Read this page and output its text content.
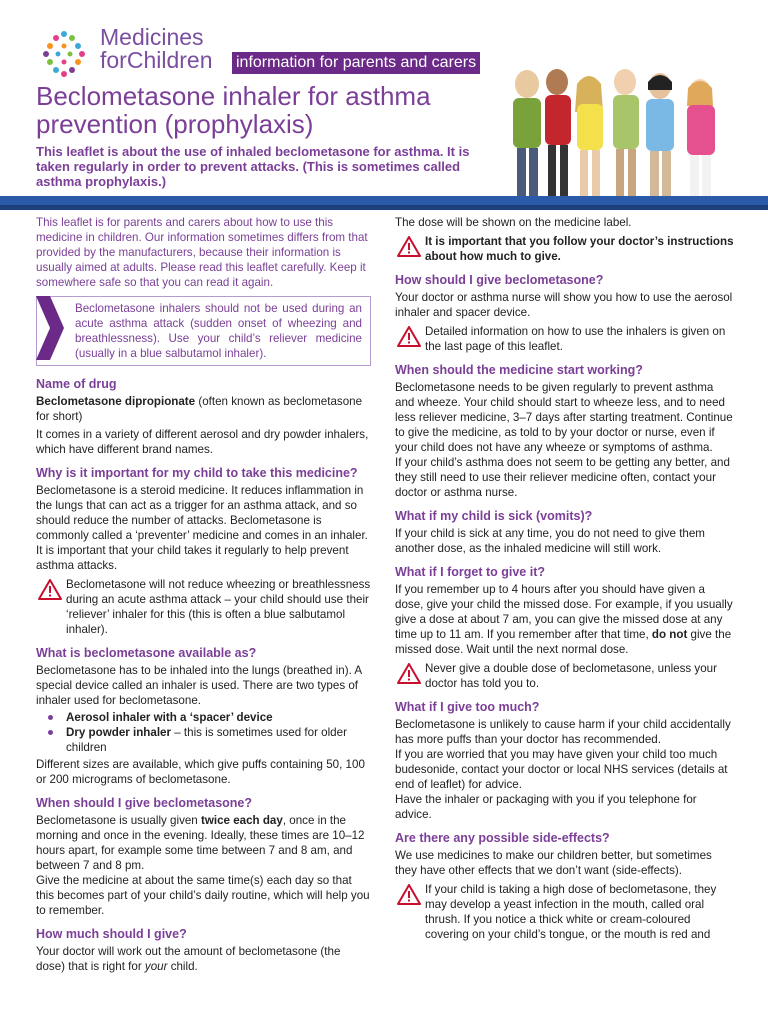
Medicines
forChildren information for parents and carers
Beclometasone inhaler for asthma prevention (prophylaxis)

This leaflet is about the use of inhaled beclometasone for asthma. It is taken regularly in order to prevent attacks. (This is sometimes called asthma prophylaxis.)

This leaflet is for parents and carers about how to use this medicine in children. Our information sometimes differs from that provided by the manufacturers, because their information is usually aimed at adults. Please read this leaflet carefully. Keep it somewhere safe so that you can read it again.

Beclometasone inhalers should not be used during an acute asthma attack (sudden onset of wheezing and breathlessness). Use your child’s reliever medicine (usually in a blue salbutamol inhaler).
Name of drug

Beclometasone dipropionate (often known as beclometasone for short)

It comes in a variety of different aerosol and dry powder inhalers, which have different brand names.

Why is it important for my child to take this medicine?

Beclometasone is a steroid medicine. It reduces inflammation in the lungs that can act as a trigger for an asthma attack, and so should reduce the number of attacks. Beclometasone is commonly called a ‘preventer’ medicine and comes in an inhaler. It is important that your child takes it regularly to help prevent asthma attacks.

Beclometasone will not reduce wheezing or breathlessness during an acute asthma attack – your child should use their ‘reliever’ inhaler for this (this is often a blue salbutamol inhaler).
What is beclometasone available as?

Beclometasone has to be inhaled into the lungs (breathed in). A special device called an inhaler is used. There are two types of inhaler used for beclometasone.

Aerosol inhaler with a ‘spacer’ device
Dry powder inhaler – this is sometimes used for older children

Different sizes are available, which give puffs containing 50, 100 or 200 micrograms of beclometasone.

When should I give beclometasone?

Beclometasone is usually given twice each day, once in the morning and once in the evening. Ideally, these times are 10–12 hours apart, for example some time between 7 and 8 am, and between 7 and 8 pm.

Give the medicine at about the same time(s) each day so that this becomes part of your child’s daily routine, which will help you to remember.

How much should I give?

Your doctor will work out the amount of beclometasone (the dose) that is right for your child.

The dose will be shown on the medicine label.

It is important that you follow your doctor’s instructions about how much to give.
How should I give beclometasone?

Your doctor or asthma nurse will show you how to use the aerosol inhaler and spacer device.

Detailed information on how to use the inhalers is given on the last page of this leaflet.
When should the medicine start working?

Beclometasone needs to be given regularly to prevent asthma and wheeze. Your child should start to wheeze less, and to need less reliever medicine, 3–7 days after starting treatment. Continue to give the medicine, as told to by your doctor or nurse, even if your child does not have any wheeze or symptoms of asthma.

If your child’s asthma does not seem to be getting any better, and they still need to use their reliever medicine often, contact your doctor or asthma nurse.

What if my child is sick (vomits)?

If your child is sick at any time, you do not need to give them another dose, as the inhaled medicine will still work.

What if I forget to give it?

If you remember up to 4 hours after you should have given a dose, give your child the missed dose. For example, if you usually give a dose at about 7 am, you can give the missed dose at any time up to 11 am. If you remember after that time, do not give the missed dose. Wait until the next normal dose.

Never give a double dose of beclometasone, unless your doctor has told you to.
What if I give too much?

Beclometasone is unlikely to cause harm if your child accidentally has more puffs than your doctor has recommended.

If you are worried that you may have given your child too much budesonide, contact your doctor or local NHS services (details at end of leaflet) for advice.

Have the inhaler or packaging with you if you telephone for advice.

Are there any possible side-effects?

We use medicines to make our children better, but sometimes they have other effects that we don’t want (side-effects).

If your child is taking a high dose of beclometasone, they may develop a yeast infection in the mouth, called oral thrush. If you notice a thick white or cream-coloured covering on your child’s tongue, or the mouth is red and
